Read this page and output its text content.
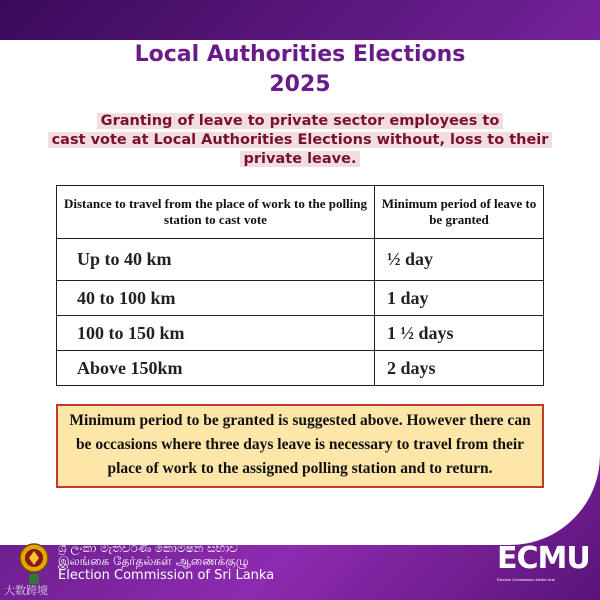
Local Authorities Elections
2025
Granting of leave to private sector employees to
cast vote at Local Authorities Elections without, loss to their
private leave.
Distance to travel from the place of work to the polling station to cast vote	Minimum period of leave to be granted
Up to 40 km	½ day
40 to 100 km	1 day
100 to 150 km	1 ½ days
Above 150km	2 days
Minimum period to be granted is suggested above. However there can be occasions where three days leave is necessary to travel from their place of work to the assigned polling station and to return.
ශ්‍රී ලංකා මැතිවරණ කොමිෂන් සභාව
இலங்கை தேர்தல்கள் ஆணைக்குழு
Election Commission of Sri Lanka	ECMU
Election Commission Media Unit
大数跨境
